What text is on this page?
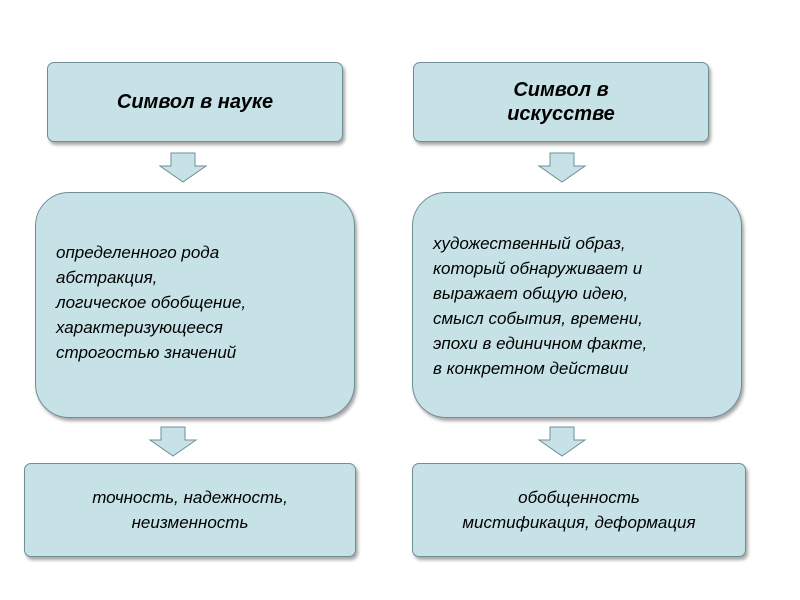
Символ в науке
определенного рода
абстракция,
логическое обобщение,
характеризующееся
строгостью значений
точность, надежность,
неизменность
Символ в
искусстве
художественный образ,
который обнаруживает и
выражает общую идею,
смысл события, времени,
эпохи в единичном факте,
в конкретном действии
обобщенность
мистификация, деформация
